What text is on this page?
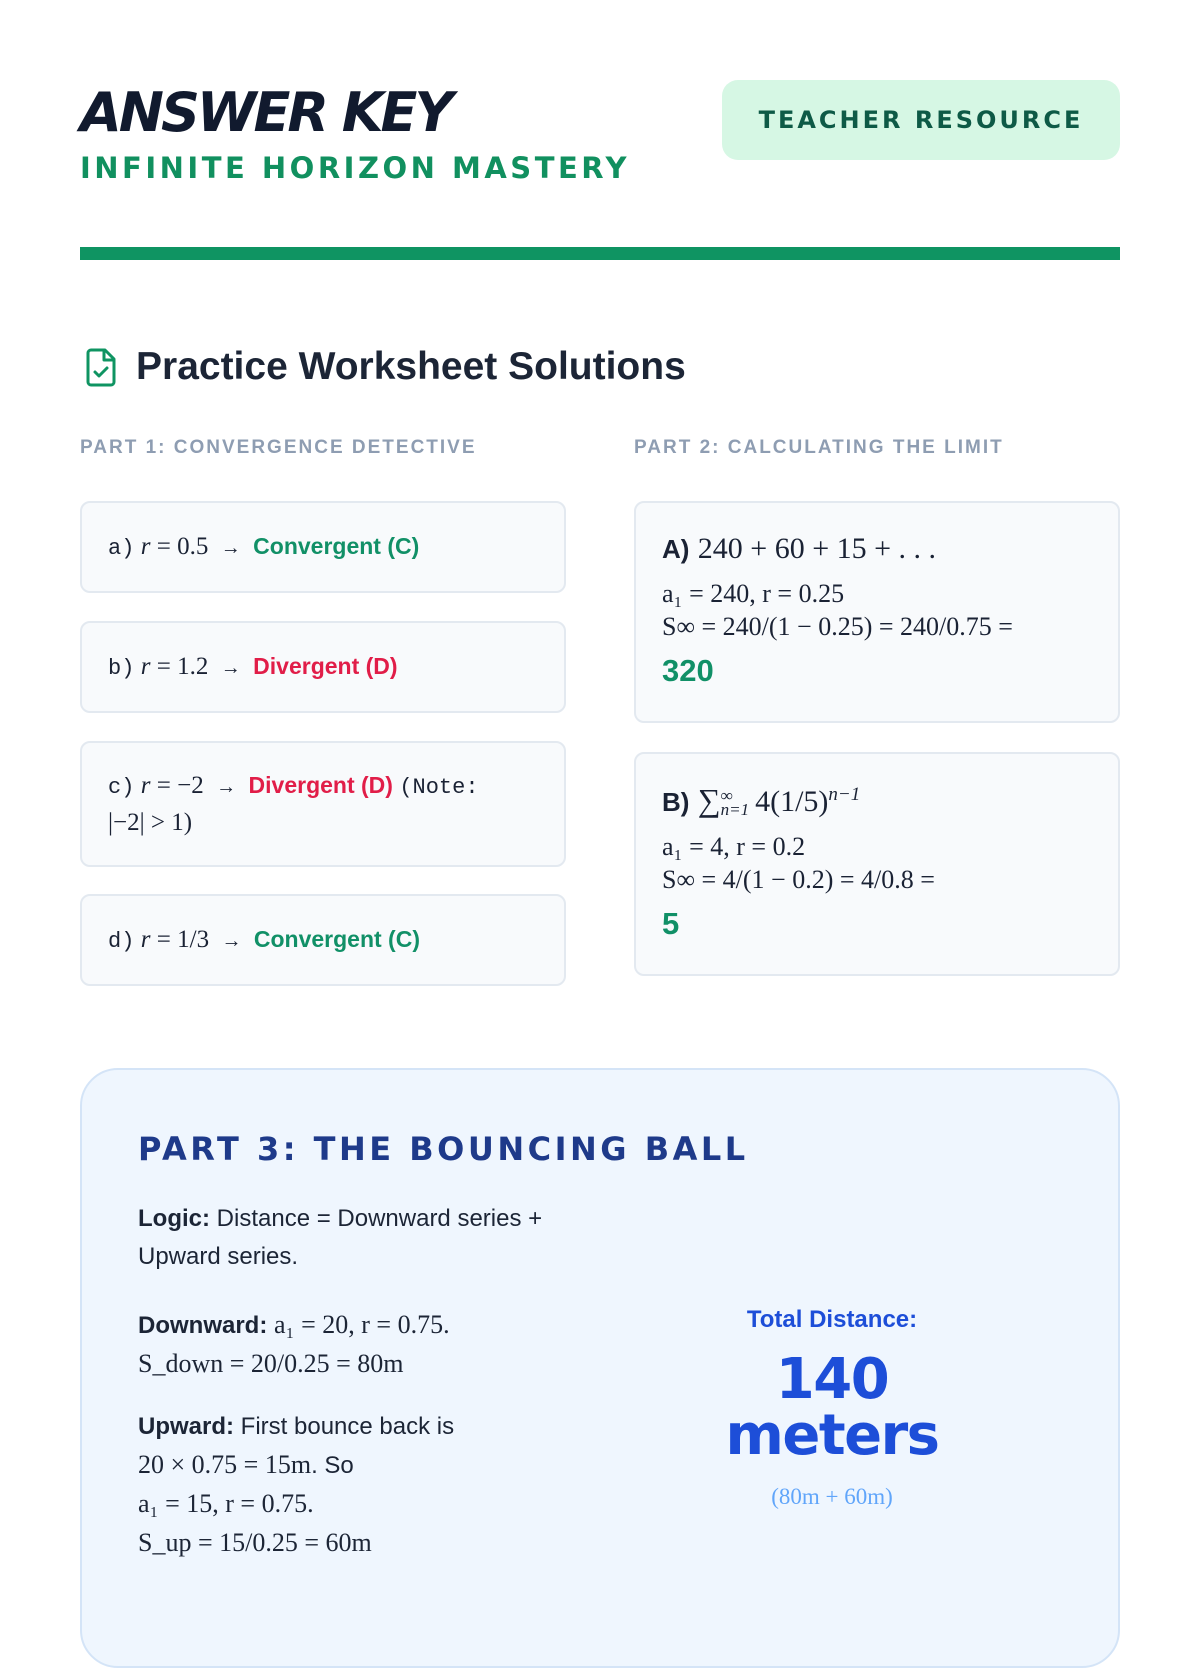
ANSWER KEY
INFINITE HORIZON MASTERY
TEACHER RESOURCE
Practice Worksheet Solutions
PART 1: CONVERGENCE DETECTIVE	PART 2: CALCULATING THE LIMIT
a) r = 0.5 → Convergent (C)
b) r = 1.2 → Divergent (D)
c) r = −2 → Divergent (D) (Note:
|−2| > 1)
d) r = 1/3 → Convergent (C)
A) 240 + 60 + 15 + . . .
a₁ = 240, r = 0.25
S∞ = 240/(1 − 0.25) = 240/0.75 =
320
B) ∑∞
n=1 $4(1/5)^{n-1}$
a₁ = 4, r = 0.2
S∞ = 4/(1 − 0.2) = 4/0.8 =
5
PART 3: THE BOUNCING BALL
Logic: Distance = Downward series + Upward series.
Downward: a₁ = 20, r = 0.75.
S_down = 20/0.25 = 80m
Upward: First bounce back is
20 × 0.75 = 15m. So
a₁ = 15, r = 0.75.
S_up = 15/0.25 = 60m
Total Distance:
140 meters
(80m + 60m)
